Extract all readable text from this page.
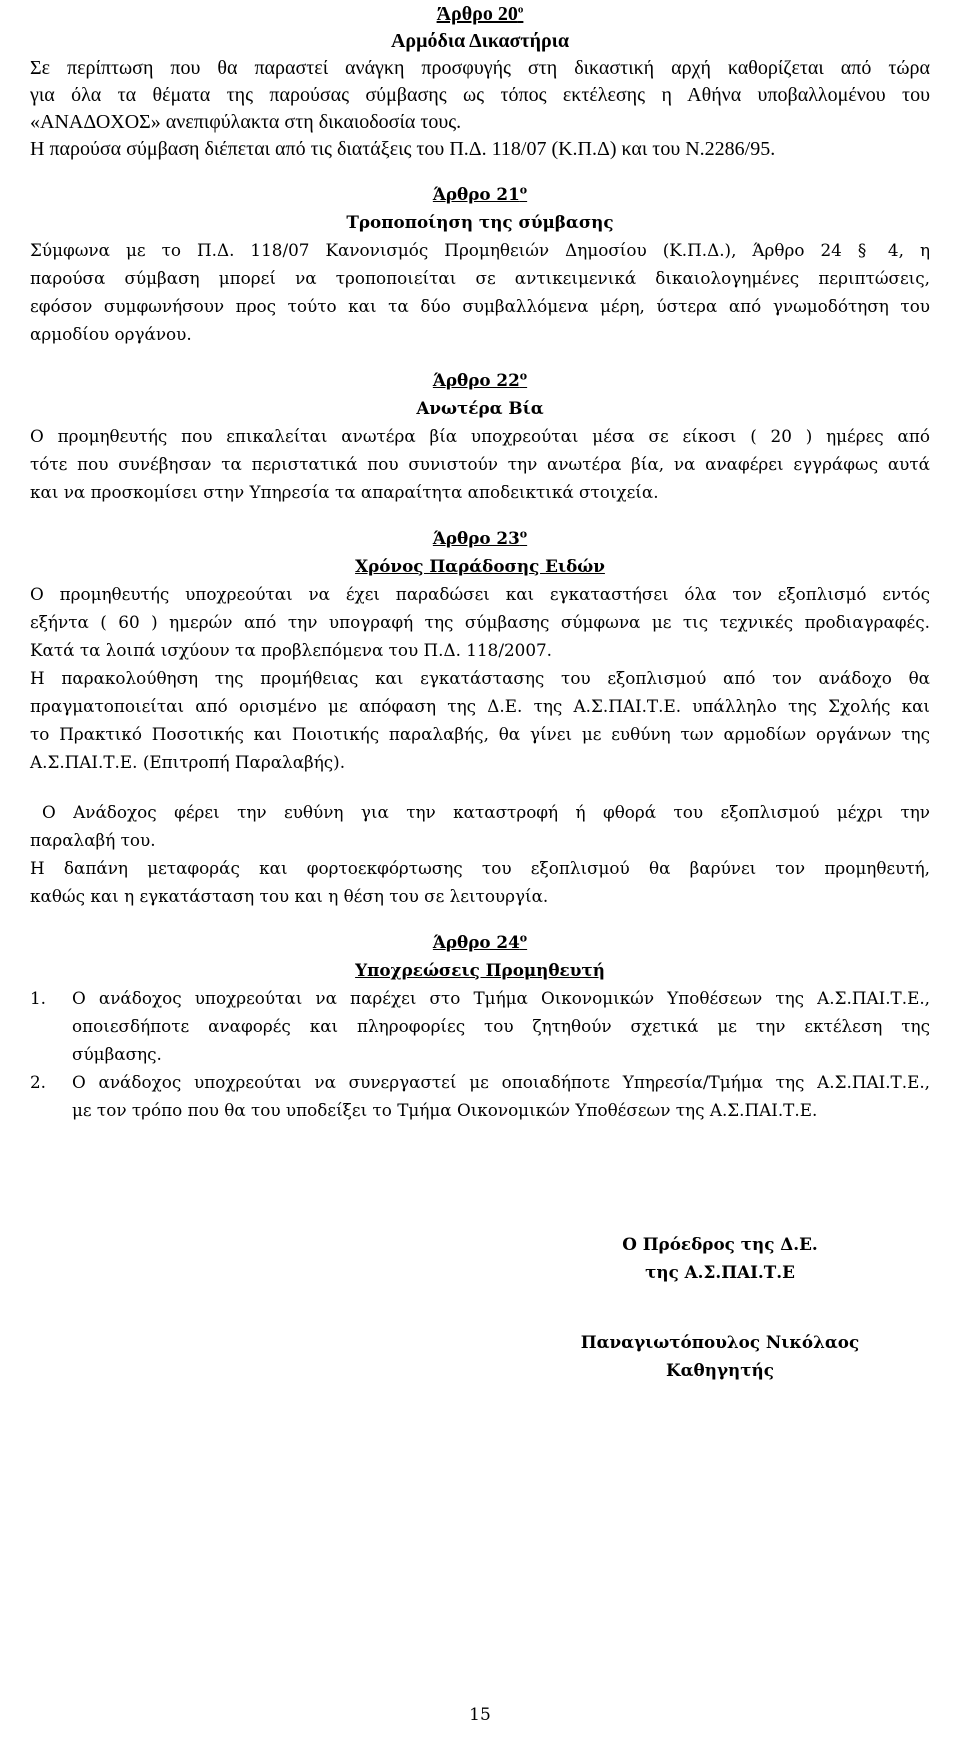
Άρθρο $20^o$
Αρμόδια Δικαστήρια
Σε περίπτωση που θα παραστεί ανάγκη προσφυγής στη δικαστική αρχή καθορίζεται από τώρα
για όλα τα θέματα της παρούσας σύμβασης ως τόπος εκτέλεσης η Αθήνα υποβαλλομένου του
«ΑΝΑΔΟΧΟΣ» ανεπιφύλακτα στη δικαιοδοσία τους.
Η παρούσα σύμβαση διέπεται από τις διατάξεις του Π.Δ. 118/07 (Κ.Π.Δ) και του Ν.2286/95.
Άρθρο $21^o$
Τροποποίηση της σύμβασης
Σύμφωνα με το Π.Δ. 118/07 Κανονισμός Προμηθειών Δημοσίου (Κ.Π.Δ.), Άρθρο 24 § 4, η
παρούσα σύμβαση μπορεί να τροποποιείται σε αντικειμενικά δικαιολογημένες περιπτώσεις,
εφόσον συμφωνήσουν προς τούτο και τα δύο συμβαλλόμενα μέρη, ύστερα από γνωμοδότηση του
αρμοδίου οργάνου.
Άρθρο $22^o$
Ανωτέρα Βία
Ο προμηθευτής που επικαλείται ανωτέρα βία υποχρεούται μέσα σε είκοσι ( 20 ) ημέρες από
τότε που συνέβησαν τα περιστατικά που συνιστούν την ανωτέρα βία, να αναφέρει εγγράφως αυτά
και να προσκομίσει στην Υπηρεσία τα απαραίτητα αποδεικτικά στοιχεία.
Άρθρο $23^o$
Χρόνος Παράδοσης Ειδών
Ο προμηθευτής υποχρεούται να έχει παραδώσει και εγκαταστήσει όλα τον εξοπλισμό εντός
εξήντα ( 60 ) ημερών από την υπογραφή της σύμβασης σύμφωνα με τις τεχνικές προδιαγραφές.
Κατά τα λοιπά ισχύουν τα προβλεπόμενα του Π.Δ. 118/2007.
Η παρακολούθηση της προμήθειας και εγκατάστασης του εξοπλισμού από τον ανάδοχο θα
πραγματοποιείται από ορισμένο με απόφαση της Δ.Ε. της Α.Σ.ΠΑΙ.Τ.Ε. υπάλληλο της Σχολής και
το Πρακτικό Ποσοτικής και Ποιοτικής παραλαβής, θα γίνει με ευθύνη των αρμοδίων οργάνων της
Α.Σ.ΠΑΙ.Τ.Ε. (Επιτροπή Παραλαβής).
Ο Ανάδοχος φέρει την ευθύνη για την καταστροφή ή φθορά του εξοπλισμού μέχρι την
παραλαβή του.
Η δαπάνη μεταφοράς και φορτοεκφόρτωσης του εξοπλισμού θα βαρύνει τον προμηθευτή,
καθώς και η εγκατάσταση του και η θέση του σε λειτουργία.
Άρθρο $24^o$
Υποχρεώσεις Προμηθευτή
1. Ο ανάδοχος υποχρεούται να παρέχει στο Τμήμα Οικονομικών Υποθέσεων της Α.Σ.ΠΑΙ.Τ.Ε.,
οποιεσδήποτε αναφορές και πληροφορίες του ζητηθούν σχετικά με την εκτέλεση της
σύμβασης.
2. Ο ανάδοχος υποχρεούται να συνεργαστεί με οποιαδήποτε Υπηρεσία/Τμήμα της Α.Σ.ΠΑΙ.Τ.Ε.,
με τον τρόπο που θα του υποδείξει το Τμήμα Οικονομικών Υποθέσεων της Α.Σ.ΠΑΙ.Τ.Ε.
Ο Πρόεδρος της Δ.Ε.
της Α.Σ.ΠΑΙ.Τ.Ε
Παναγιωτόπουλος Νικόλαος
Καθηγητής
15
